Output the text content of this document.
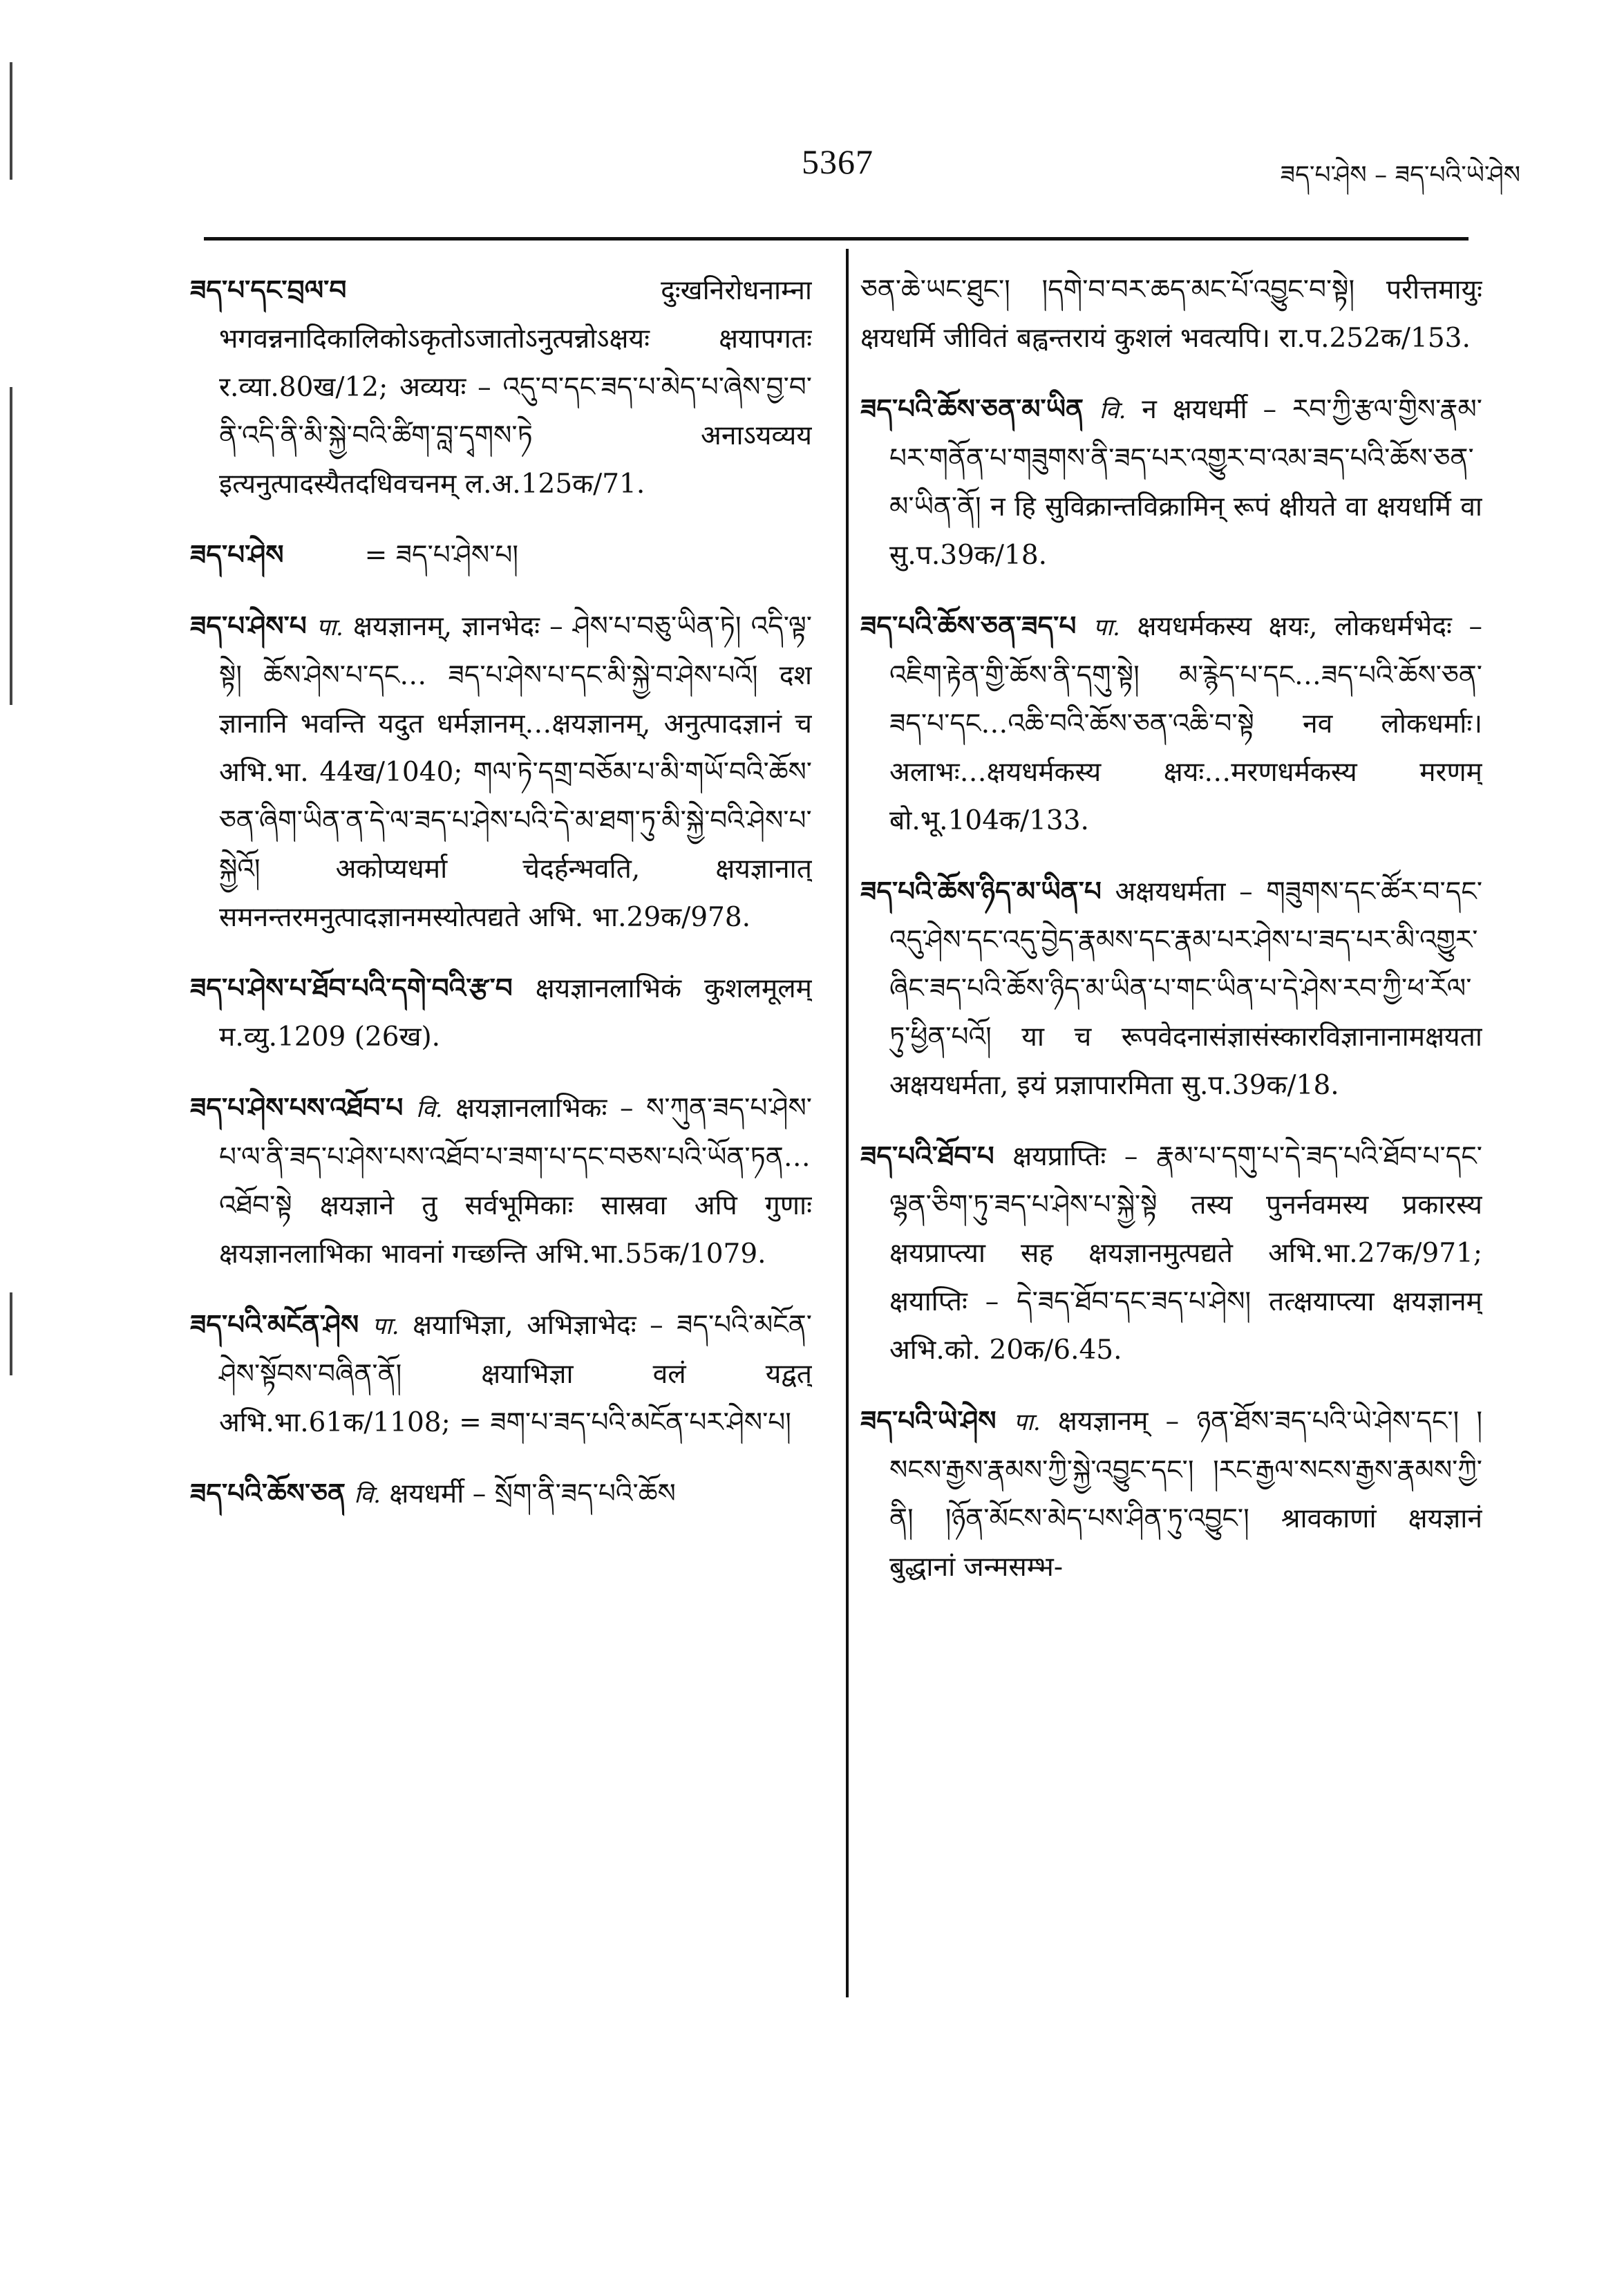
5367	ཟད་པ་ཤེས – ཟད་པའི་ཡེ་ཤེས

ཟད་པ་དང་བྲལ་བ	दुःखनिरोधनाम्ना भगवन्ननादिकालिकोऽकृतोऽजातोऽनुत्पन्नोऽक्षयः क्षयापगतः र.व्या.80ख/12; अव्ययः – འདུ་བ་དང་ཟད་པ་མེད་པ་ཞེས་བྱ་བ་ནི་འདི་ནི་མི་སྐྱེ་བའི་ཚིག་བླ་དྭགས་ཏེ अनाऽयव्यय इत्यनुत्पादस्यैतदधिवचनम् ल.अ.125क/71.

ཟད་པ་ཤེས   	= ཟད་པ་ཤེས་པ།

ཟད་པ་ཤེས་པ पा. क्षयज्ञानम्, ज्ञानभेदः – ཤེས་པ་བཅུ་ཡིན་ཏེ། འདི་ལྟ་སྟེ། ཆོས་ཤེས་པ་དང… ཟད་པ་ཤེས་པ་དང་མི་སྐྱེ་བ་ཤེས་པའོ། दश ज्ञानानि भवन्ति यदुत धर्मज्ञानम्…क्षयज्ञानम्, अनुत्पादज्ञानं च अभि.भा. 44ख/1040; གལ་ཏེ་དགྲ་བཅོམ་པ་མི་གཡོ་བའི་ཆོས་ཅན་ཞིག་ཡིན་ན་དེ་ལ་ཟད་པ་ཤེས་པའི་དེ་མ་ཐག་ཏུ་མི་སྐྱེ་བའི་ཤེས་པ་སྐྱེའོ། अकोप्यधर्मा चेदर्हन्भवति, क्षयज्ञानात् समनन्तरमनुत्पादज्ञानमस्योत्पद्यते अभि. भा.29क/978.

ཟད་པ་ཤེས་པ་ཐོབ་པའི་དགེ་བའི་རྩ་བ क्षयज्ञानलाभिकं कुशलमूलम् म.व्यु.1209 (26ख).

ཟད་པ་ཤེས་པས་འཐོབ་པ वि. क्षयज्ञानलाभिकः – ས་ཀུན་ཟད་པ་ཤེས་པ་ལ་ནི་ཟད་པ་ཤེས་པས་འཐོབ་པ་ཟག་པ་དང་བཅས་པའི་ཡོན་ཏན… འཐོབ་སྟེ क्षयज्ञाने तु सर्वभूमिकाः सास्रवा अपि गुणाः क्षयज्ञानलाभिका भावनां गच्छन्ति अभि.भा.55क/1079.

ཟད་པའི་མངོན་ཤེས पा. क्षयाभिज्ञा, अभिज्ञाभेदः – ཟད་པའི་མངོན་ཤེས་སྟོབས་བཞིན་ནོ། क्षयाभिज्ञा वलं यद्वत् अभि.भा.61क/1108; = ཟག་པ་ཟད་པའི་མངོན་པར་ཤེས་པ།

ཟད་པའི་ཆོས་ཅན वि. क्षयधर्मी – སྲོག་ནི་ཟད་པའི་ཆོས

ཅན་ཆེ་ཡང་ཐུང་། །དགེ་བ་བར་ཆད་མང་པོ་འབྱུང་བ་སྟེ། परीत्तमायुः क्षयधर्मि जीवितं बह्वन्तरायं कुशलं भवत्यपि। रा.प.252क/153.

ཟད་པའི་ཆོས་ཅན་མ་ཡིན वि. न क्षयधर्मी – རབ་ཀྱི་རྩལ་གྱིས་རྣམ་པར་གནོན་པ་གཟུགས་ནི་ཟད་པར་འགྱུར་བ་འམ་ཟད་པའི་ཆོས་ཅན་མ་ཡིན་ནོ། न हि सुविक्रान्तविक्रामिन् रूपं क्षीयते वा क्षयधर्मि वा सु.प.39क/18.

ཟད་པའི་ཆོས་ཅན་ཟད་པ पा. क्षयधर्मकस्य क्षयः, लोकधर्मभेदः – འཇིག་རྟེན་གྱི་ཆོས་ནི་དགུ་སྟེ། མ་རྙེད་པ་དང…ཟད་པའི་ཆོས་ཅན་ཟད་པ་དང…འཆི་བའི་ཆོས་ཅན་འཆི་བ་སྟེ नव लोकधर्माः। अलाभः…क्षयधर्मकस्य क्षयः…मरणधर्मकस्य मरणम् बो.भू.104क/133.

ཟད་པའི་ཆོས་ཉིད་མ་ཡིན་པ अक्षयधर्मता – གཟུགས་དང་ཚོར་བ་དང་འདུ་ཤེས་དང་འདུ་བྱེད་རྣམས་དང་རྣམ་པར་ཤེས་པ་ཟད་པར་མི་འགྱུར་ཞིང་ཟད་པའི་ཆོས་ཉིད་མ་ཡིན་པ་གང་ཡིན་པ་དེ་ཤེས་རབ་ཀྱི་ཕ་རོལ་ཏུ་ཕྱིན་པའོ། या च रूपवेदनासंज्ञासंस्कारविज्ञानानामक्षयता अक्षयधर्मता, इयं प्रज्ञापारमिता सु.प.39क/18.

ཟད་པའི་ཐོབ་པ क्षयप्राप्तिः – རྣམ་པ་དགུ་པ་དེ་ཟད་པའི་ཐོབ་པ་དང་ལྷན་ཅིག་ཏུ་ཟད་པ་ཤེས་པ་སྐྱེ་སྟེ तस्य पुनर्नवमस्य प्रकारस्य क्षयप्राप्त्या सह क्षयज्ञानमुत्पद्यते अभि.भा.27क/971; क्षयाप्तिः – དེ་ཟད་ཐོབ་དང་ཟད་པ་ཤེས། तत्क्षयाप्त्या क्षयज्ञानम् अभि.को. 20क/6.45.

ཟད་པའི་ཡེ་ཤེས पा. क्षयज्ञानम् – ཉན་ཐོས་ཟད་པའི་ཡེ་ཤེས་དང་། །སངས་རྒྱས་རྣམས་ཀྱི་སྐྱེ་འབྱུང་དང་། །རང་རྒྱལ་སངས་རྒྱས་རྣམས་ཀྱི་ནི། །ཉོན་མོངས་མེད་པས་ཤིན་ཏུ་འབྱུང་། श्रावकाणां क्षयज्ञानं बुद्धानां जन्मसम्भ-
